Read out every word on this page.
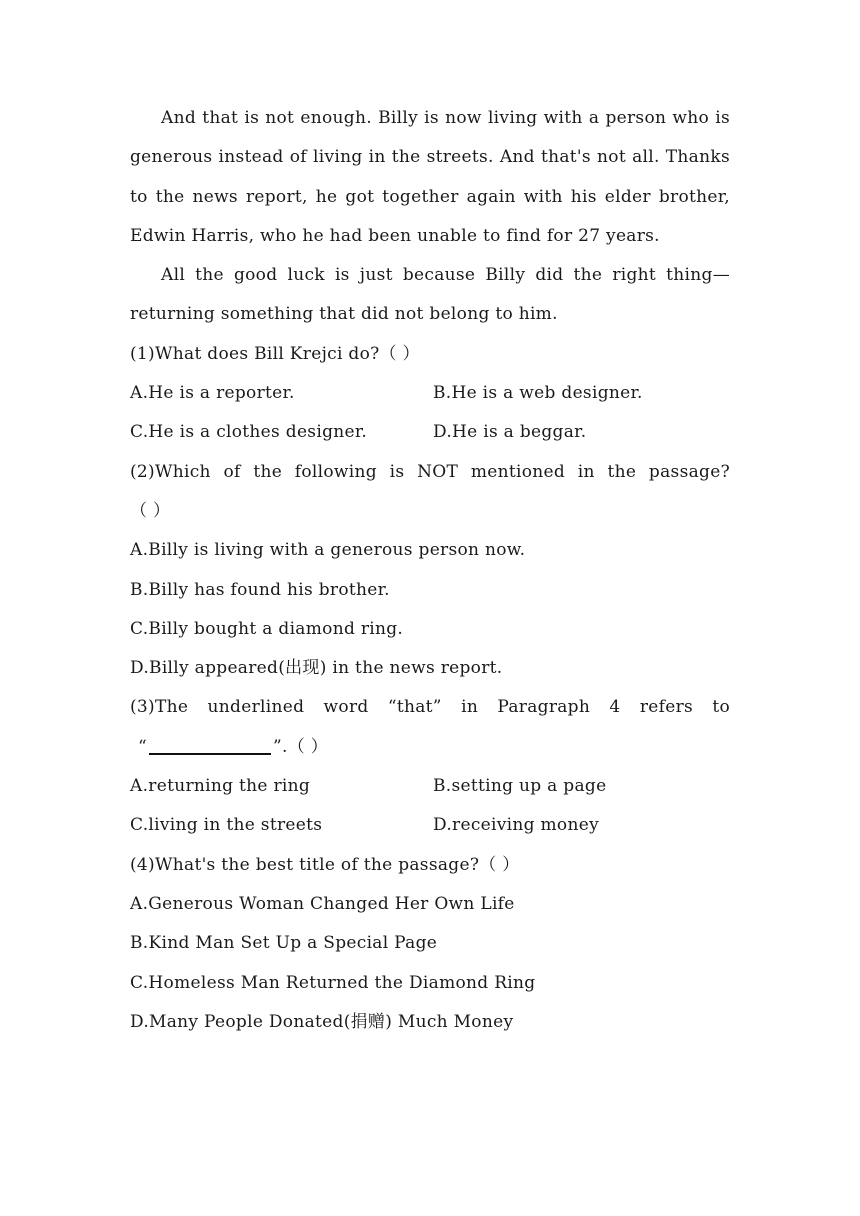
And that is not enough. Billy is now living with a person who is generous instead of living in the streets. And that's not all. Thanks to the news report, he got together again with his elder brother, Edwin Harris, who he had been unable to find for 27 years.

All the good luck is just because Billy did the right thing—returning something that did not belong to him.

(1)What does Bill Krejci do?（ ）

A.He is a reporter.	B.He is a web designer.
C.He is a clothes designer.	D.He is a beggar.

(2)Which of the following is NOT mentioned in the passage?

（ ）

A.Billy is living with a generous person now.

B.Billy has found his brother.

C.Billy bought a diamond ring.

D.Billy appeared(出现) in the news report.

(3)The underlined word “that” in Paragraph 4 refers to

“	”.（ ）

A.returning the ring	B.setting up a page
C.living in the streets	D.receiving money

(4)What's the best title of the passage?（ ）

A.Generous Woman Changed Her Own Life

B.Kind Man Set Up a Special Page

C.Homeless Man Returned the Diamond Ring

D.Many People Donated(捐赠) Much Money
